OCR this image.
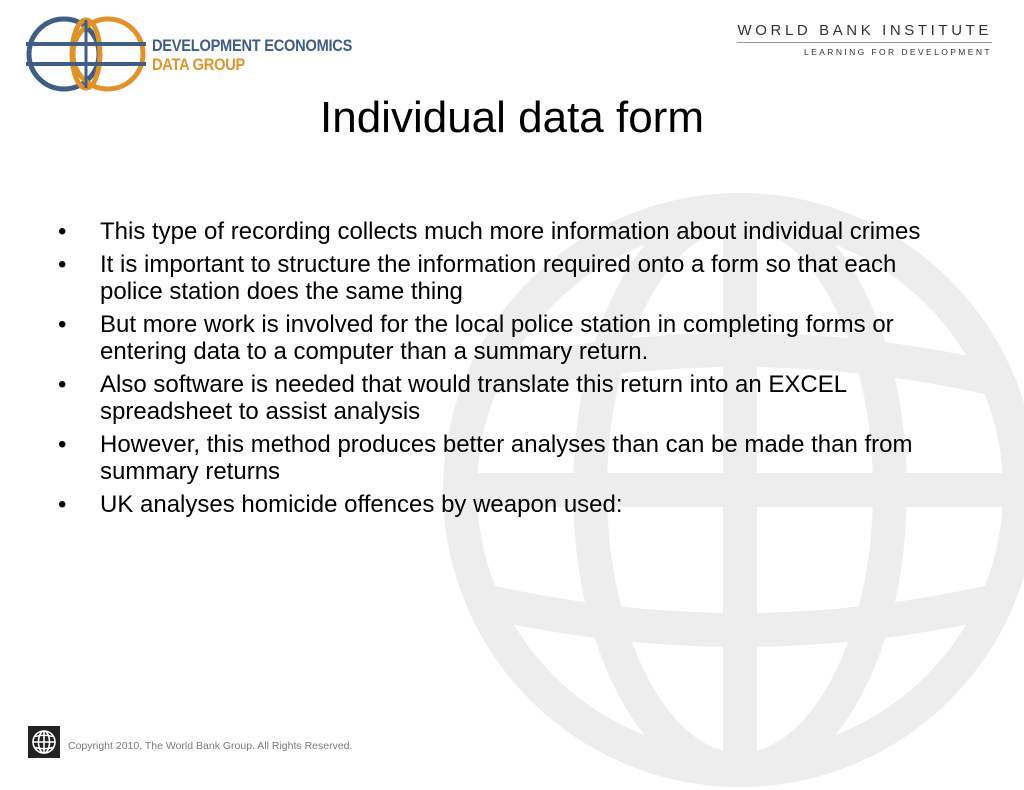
DEVELOPMENT ECONOMICS
DATA GROUP
WORLD BANK INSTITUTE
LEARNING FOR DEVELOPMENT
Individual data form
• This type of recording collects much more information about individual crimes
• It is important to structure the information required onto a form so that each police station does the same thing
• But more work is involved for the local police station in completing forms or entering data to a computer than a summary return.
• Also software is needed that would translate this return into an EXCEL spreadsheet to assist analysis
• However, this method produces better analyses than can be made than from summary returns
• UK analyses homicide offences by weapon used:
Copyright 2010, The World Bank Group. All Rights Reserved.
